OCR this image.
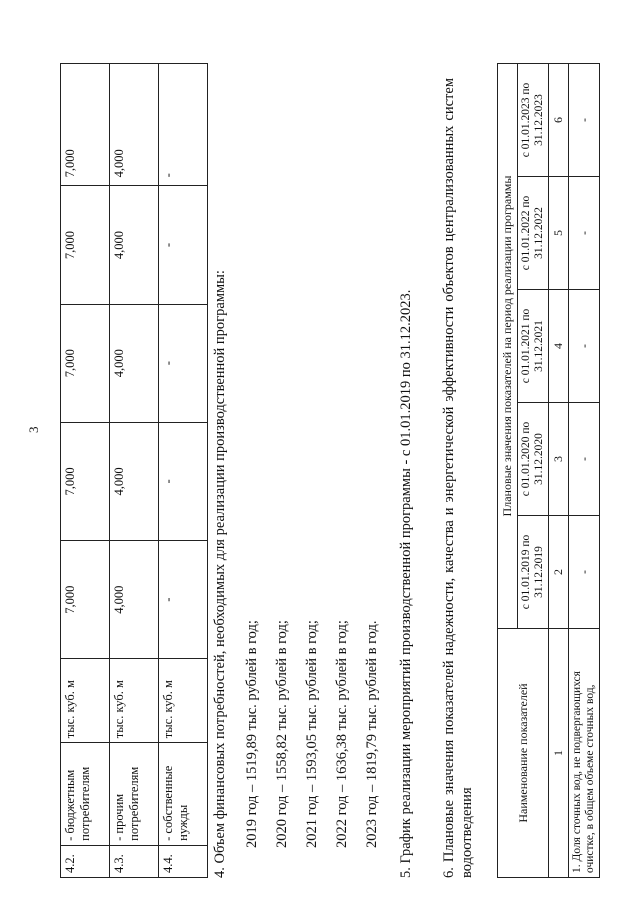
3
4.2.	- бюджетным потребителям	тыс. куб. м	7,000	7,000	7,000	7,000	7,000
4.3.	- прочим потребителям	тыс. куб. м	4,000	4,000	4,000	4,000	4,000
4.4.	- собственные нужды	тыс. куб. м	-	-	-	-	-
4. Объем финансовых потребностей, необходимых для реализации производственной программы: 2019 год – 1519,89 тыс. рублей в год; 2020 год – 1558,82 тыс. рублей в год; 2021 год – 1593,05 тыс. рублей в год; 2022 год – 1636,38 тыс. рублей в год; 2023 год – 1819,79 тыс. рублей в год. 5. График реализации мероприятий производственной программы - с 01.01.2019 по 31.12.2023. 6. Плановые значения показателей надежности, качества и энергетической эффективности объектов централизованных систем водоотведения
Наименование показателей	Плановые значения показателей на период реализации программы				
	с 01.01.2019 по 31.12.2019	с 01.01.2020 по 31.12.2020	с 01.01.2021 по 31.12.2021	с 01.01.2022 по 31.12.2022	с 01.01.2023 по 31.12.2023
1	2	3	4	5	6
1. Доля сточных вод, не подвергающихся очистке, в общем объеме сточных вод,	-	-	-	-	-
